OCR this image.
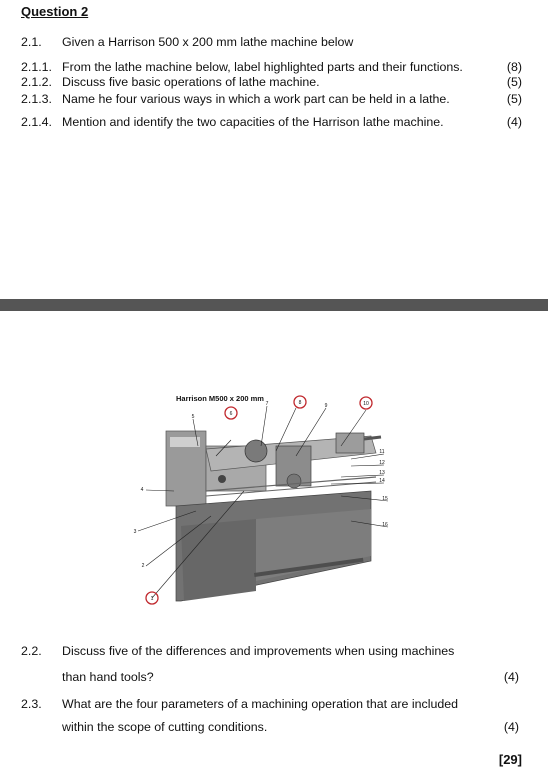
Question 2
2.1. Given a Harrison 500 x 200 mm lathe machine below
2.1.1. From the lathe machine below, label highlighted parts and their functions.	(8)
2.1.2. Discuss five basic operations of lathe machine.	(5)
2.1.3. Name he four various ways in which a work part can be held in a lathe.	(5)
2.1.4. Mention and identify the two capacities of the Harrison lathe machine.	(4)
Harrison M500 x 200 mm
1
2
3
4
5	6
7	8	9	10
11
12
13
14
15
16
2.2. Discuss five of the differences and improvements when using machines
than hand tools?	(4)
2.3. What are the four parameters of a machining operation that are included
within the scope of cutting conditions.	(4)
[29]
